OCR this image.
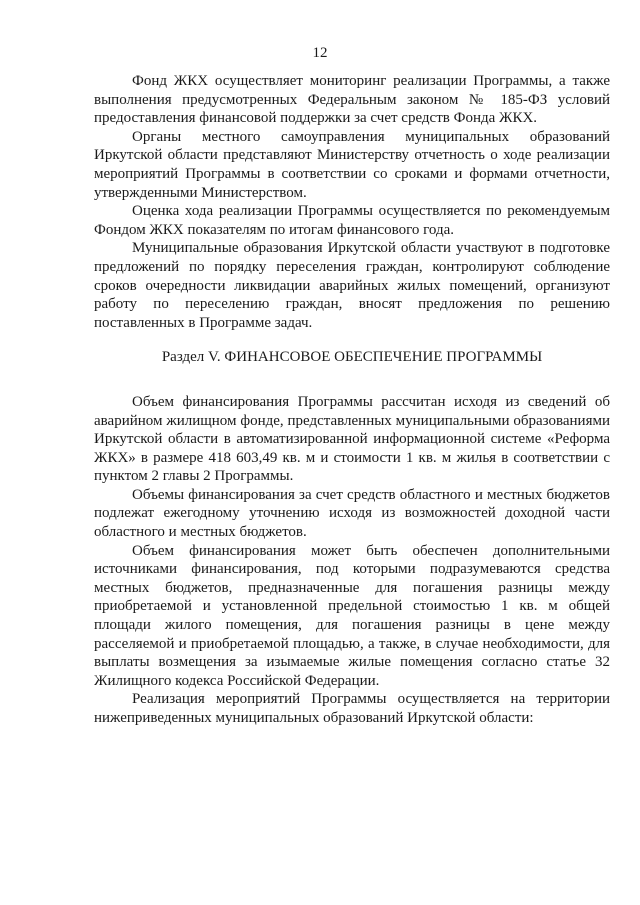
12

Фонд ЖКХ осуществляет мониторинг реализации Программы, а также выполнения предусмотренных Федеральным законом № 185-ФЗ условий предоставления финансовой поддержки за счет средств Фонда ЖКХ.

Органы местного самоуправления муниципальных образований Иркутской области представляют Министерству отчетность о ходе реализации мероприятий Программы в соответствии со сроками и формами отчетности, утвержденными Министерством.

Оценка хода реализации Программы осуществляется по рекомендуемым Фондом ЖКХ показателям по итогам финансового года.

Муниципальные образования Иркутской области участвуют в подготовке предложений по порядку переселения граждан, контролируют соблюдение сроков очередности ликвидации аварийных жилых помещений, организуют работу по переселению граждан, вносят предложения по решению поставленных в Программе задач.

Раздел V. ФИНАНСОВОЕ ОБЕСПЕЧЕНИЕ ПРОГРАММЫ

Объем финансирования Программы рассчитан исходя из сведений об аварийном жилищном фонде, представленных муниципальными образованиями Иркутской области в автоматизированной информационной системе «Реформа ЖКХ» в размере 418 603,49 кв. м и стоимости 1 кв. м жилья в соответствии с пунктом 2 главы 2 Программы.

Объемы финансирования за счет средств областного и местных бюджетов подлежат ежегодному уточнению исходя из возможностей доходной части областного и местных бюджетов.

Объем финансирования может быть обеспечен дополнительными источниками финансирования, под которыми подразумеваются средства местных бюджетов, предназначенные для погашения разницы между приобретаемой и установленной предельной стоимостью 1 кв. м общей площади жилого помещения, для погашения разницы в цене между расселяемой и приобретаемой площадью, а также, в случае необходимости, для выплаты возмещения за изымаемые жилые помещения согласно статье 32 Жилищного кодекса Российской Федерации.

Реализация мероприятий Программы осуществляется на территории нижеприведенных муниципальных образований Иркутской области:
